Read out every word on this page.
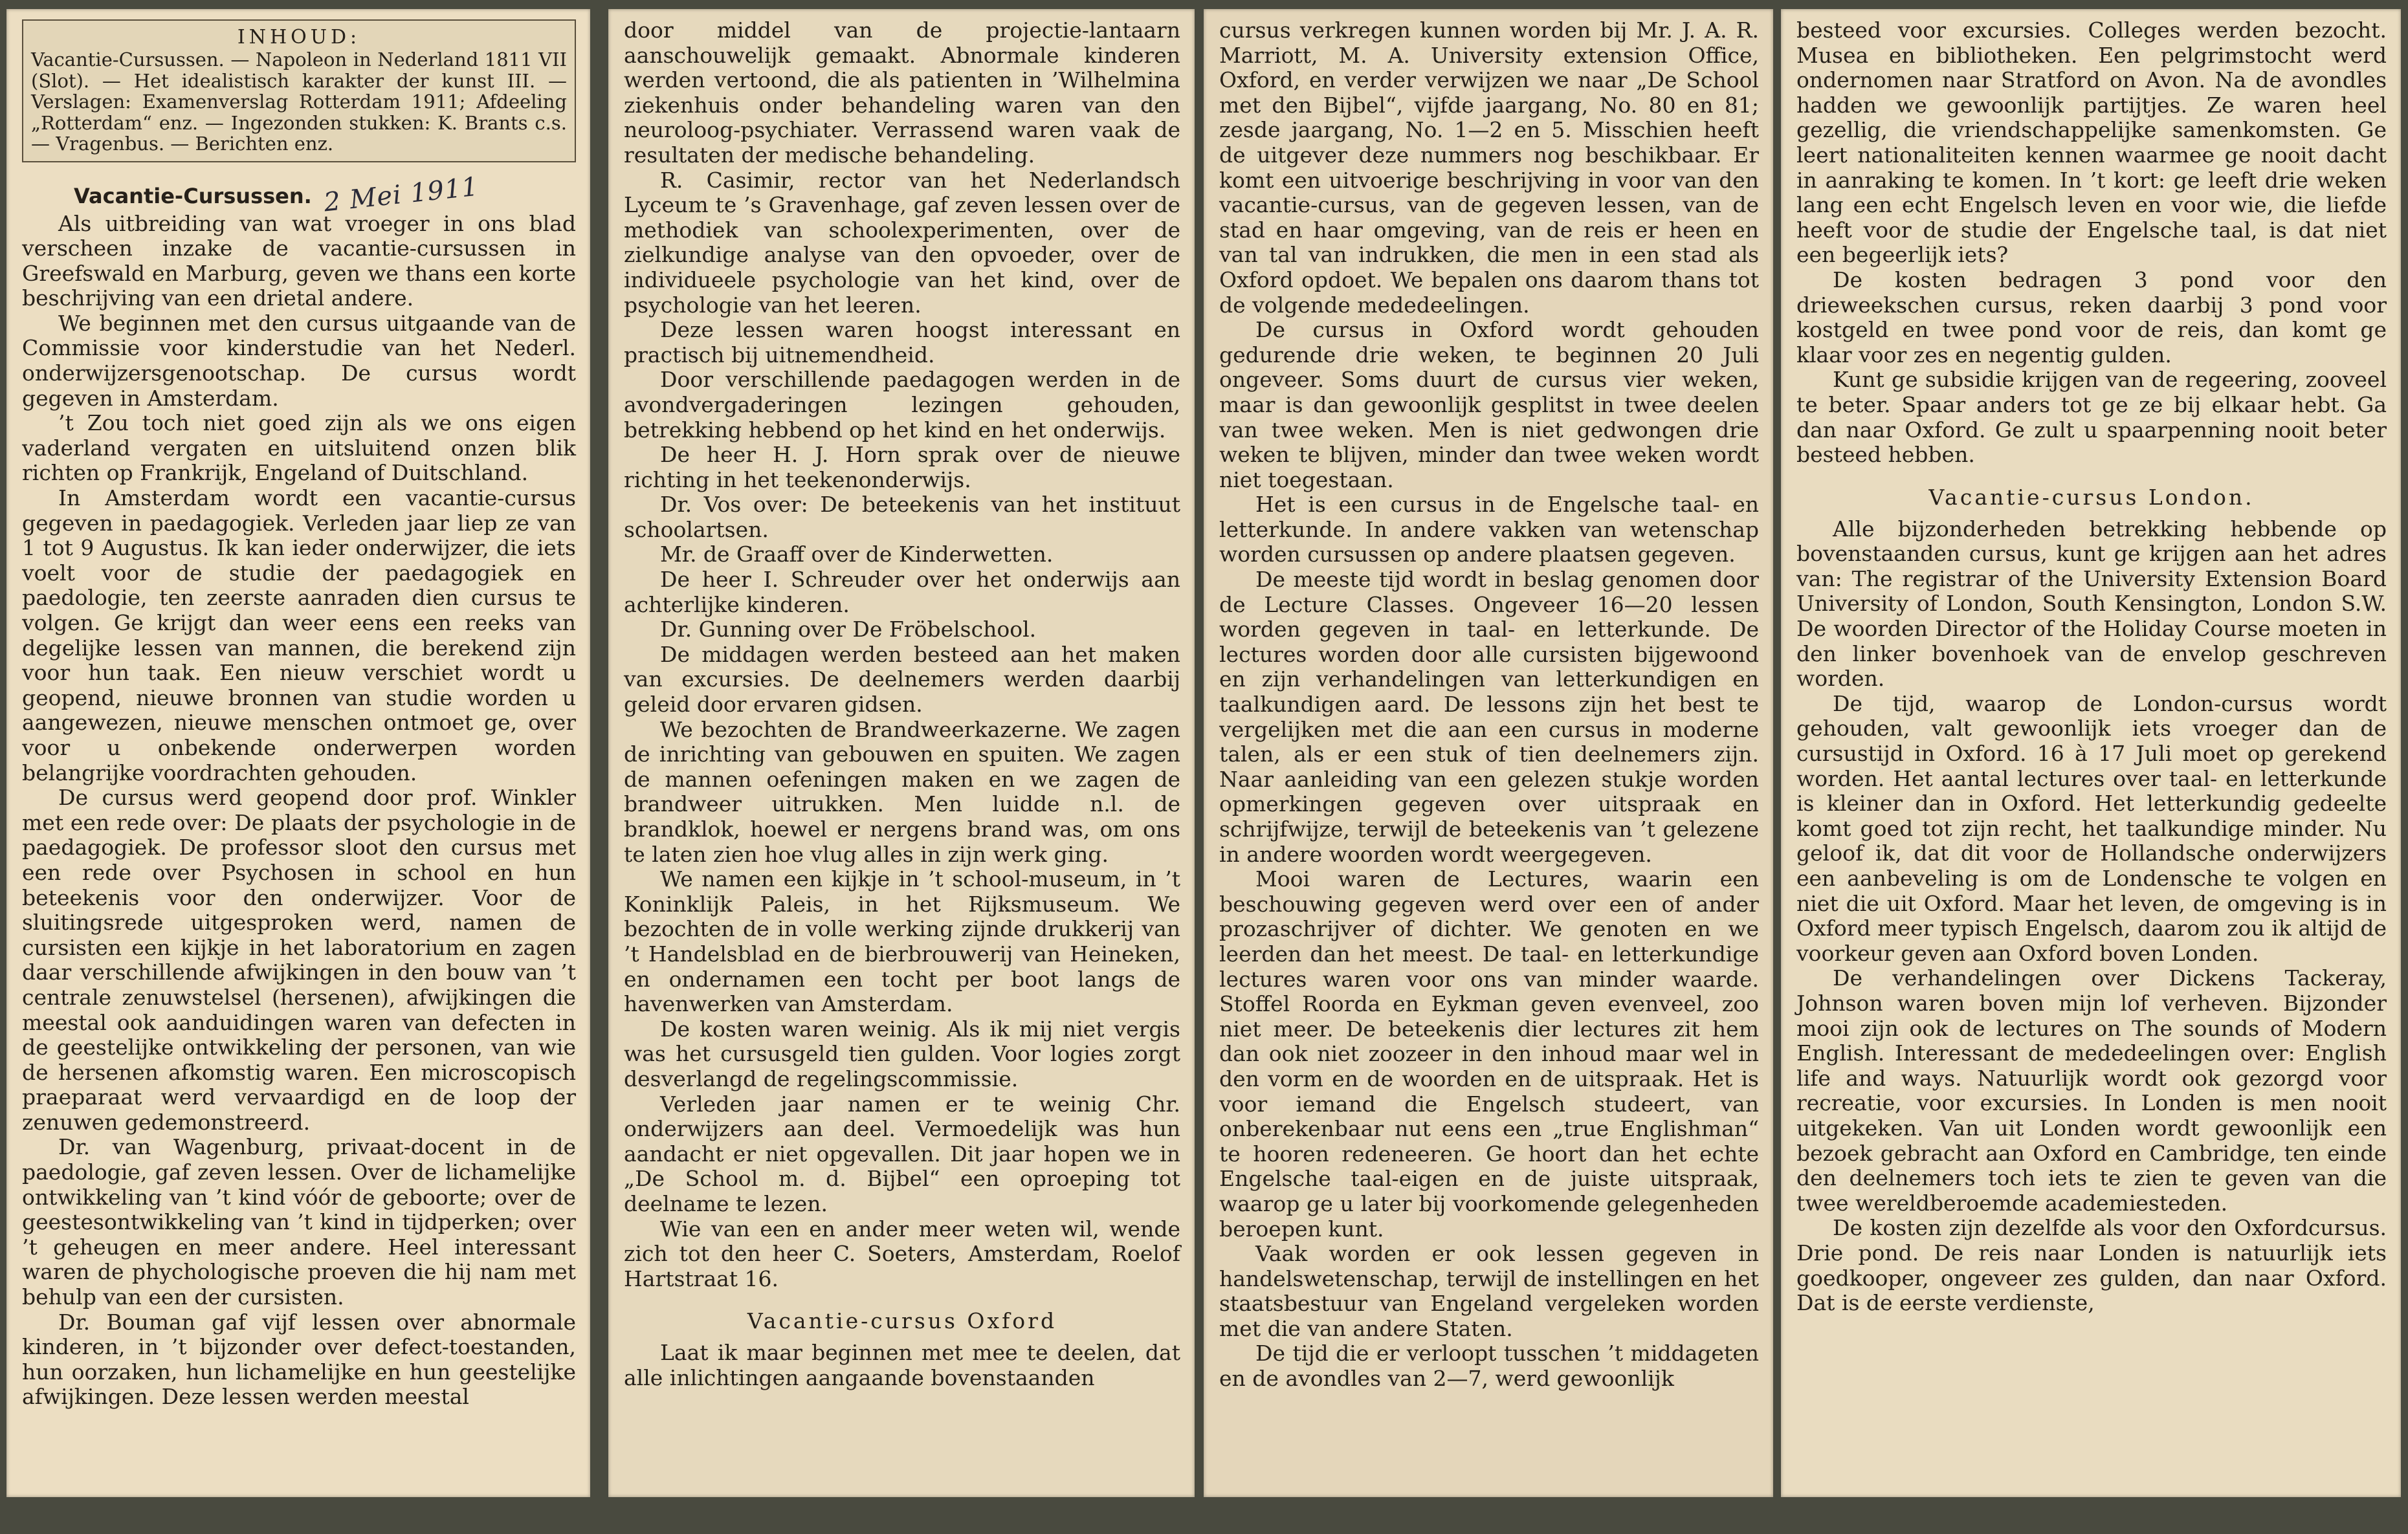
INHOUD:

Vacantie-Cursussen. — Napoleon in Nederland 1811 VII (Slot). — Het idealistisch karakter der kunst III. — Verslagen: Examenverslag Rotterdam 1911; Afdeeling „Rotterdam“ enz. — Ingezonden stukken: K. Brants c.s. — Vragenbus. — Berichten enz.

Vacantie-Cursussen. 2 Mei 1911

Als uitbreiding van wat vroeger in ons blad verscheen inzake de vacantie-cursussen in Greefswald en Marburg, geven we thans een korte beschrijving van een drietal andere.

We beginnen met den cursus uitgaande van de Commissie voor kinderstudie van het Nederl. onderwijzersgenootschap. De cursus wordt gegeven in Amsterdam.

’t Zou toch niet goed zijn als we ons eigen vaderland vergaten en uitsluitend onzen blik richten op Frankrijk, Engeland of Duitschland.

In Amsterdam wordt een vacantie-cursus gegeven in paedagogiek. Verleden jaar liep ze van 1 tot 9 Augustus. Ik kan ieder onderwijzer, die iets voelt voor de studie der paedagogiek en paedologie, ten zeerste aanraden dien cursus te volgen. Ge krijgt dan weer eens een reeks van degelijke lessen van mannen, die berekend zijn voor hun taak. Een nieuw verschiet wordt u geopend, nieuwe bronnen van studie worden u aangewezen, nieuwe menschen ontmoet ge, over voor u onbekende onderwerpen worden belangrijke voordrachten gehouden.

De cursus werd geopend door prof. Winkler met een rede over: De plaats der psychologie in de paedagogiek. De professor sloot den cursus met een rede over Psychosen in school en hun beteekenis voor den onderwijzer. Voor de sluitingsrede uitgesproken werd, namen de cursisten een kijkje in het laboratorium en zagen daar verschillende afwijkingen in den bouw van ’t centrale zenuwstelsel (hersenen), afwijkingen die meestal ook aanduidingen waren van defecten in de geestelijke ontwikkeling der personen, van wie de hersenen afkomstig waren. Een microscopisch praeparaat werd vervaardigd en de loop der zenuwen gedemonstreerd.

Dr. van Wagenburg, privaat-docent in de paedologie, gaf zeven lessen. Over de lichamelijke ontwikkeling van ’t kind vóór de geboorte; over de geestesontwikkeling van ’t kind in tijdperken; over ’t geheugen en meer andere. Heel interessant waren de phychologische proeven die hij nam met behulp van een der cursisten.

Dr. Bouman gaf vijf lessen over abnormale kinderen, in ’t bijzonder over defect-toestanden, hun oorzaken, hun lichamelijke en hun geestelijke afwijkingen. Deze lessen werden meestal

door middel van de projectie-lantaarn aanschouwelijk gemaakt. Abnormale kinderen werden vertoond, die als patienten in ’Wilhelmina ziekenhuis onder behandeling waren van den neuroloog-psychiater. Verrassend waren vaak de resultaten der medische behandeling.

R. Casimir, rector van het Nederlandsch Lyceum te ’s Gravenhage, gaf zeven lessen over de methodiek van schoolexperimenten, over de zielkundige analyse van den opvoeder, over de individueele psychologie van het kind, over de psychologie van het leeren.

Deze lessen waren hoogst interessant en practisch bij uitnemendheid.

Door verschillende paedagogen werden in de avondvergaderingen lezingen gehouden, betrekking hebbend op het kind en het onderwijs.

De heer H. J. Horn sprak over de nieuwe richting in het teekenonderwijs.

Dr. Vos over: De beteekenis van het instituut schoolartsen.

Mr. de Graaff over de Kinderwetten.

De heer I. Schreuder over het onderwijs aan achterlijke kinderen.

Dr. Gunning over De Fröbelschool.

De middagen werden besteed aan het maken van excursies. De deelnemers werden daarbij geleid door ervaren gidsen.

We bezochten de Brandweerkazerne. We zagen de inrichting van gebouwen en spuiten. We zagen de mannen oefeningen maken en we zagen de brandweer uitrukken. Men luidde n.l. de brandklok, hoewel er nergens brand was, om ons te laten zien hoe vlug alles in zijn werk ging.

We namen een kijkje in ’t school-museum, in ’t Koninklijk Paleis, in het Rijksmuseum. We bezochten de in volle werking zijnde drukkerij van ’t Handelsblad en de bierbrouwerij van Heineken, en ondernamen een tocht per boot langs de havenwerken van Amsterdam.

De kosten waren weinig. Als ik mij niet vergis was het cursusgeld tien gulden. Voor logies zorgt desverlangd de regelingscommissie.

Verleden jaar namen er te weinig Chr. onderwijzers aan deel. Vermoedelijk was hun aandacht er niet opgevallen. Dit jaar hopen we in „De School m. d. Bijbel“ een oproeping tot deelname te lezen.

Wie van een en ander meer weten wil, wende zich tot den heer C. Soeters, Amsterdam, Roelof Hartstraat 16.

Vacantie-cursus Oxford

Laat ik maar beginnen met mee te deelen, dat alle inlichtingen aangaande bovenstaanden

cursus verkregen kunnen worden bij Mr. J. A. R. Marriott, M. A. University extension Office, Oxford, en verder verwijzen we naar „De School met den Bijbel“, vijfde jaargang, No. 80 en 81; zesde jaargang, No. 1—2 en 5. Misschien heeft de uitgever deze nummers nog beschikbaar. Er komt een uitvoerige beschrijving in voor van den vacantie-cursus, van de gegeven lessen, van de stad en haar omgeving, van de reis er heen en van tal van indrukken, die men in een stad als Oxford opdoet. We bepalen ons daarom thans tot de volgende mededeelingen.

De cursus in Oxford wordt gehouden gedurende drie weken, te beginnen 20 Juli ongeveer. Soms duurt de cursus vier weken, maar is dan gewoonlijk gesplitst in twee deelen van twee weken. Men is niet gedwongen drie weken te blijven, minder dan twee weken wordt niet toegestaan.

Het is een cursus in de Engelsche taal- en letterkunde. In andere vakken van wetenschap worden cursussen op andere plaatsen gegeven.

De meeste tijd wordt in beslag genomen door de Lecture Classes. Ongeveer 16—20 lessen worden gegeven in taal- en letterkunde. De lectures worden door alle cursisten bijgewoond en zijn verhandelingen van letterkundigen en taalkundigen aard. De lessons zijn het best te vergelijken met die aan een cursus in moderne talen, als er een stuk of tien deelnemers zijn. Naar aanleiding van een gelezen stukje worden opmerkingen gegeven over uitspraak en schrijfwijze, terwijl de beteekenis van ’t gelezene in andere woorden wordt weergegeven.

Mooi waren de Lectures, waarin een beschouwing gegeven werd over een of ander prozaschrijver of dichter. We genoten en we leerden dan het meest. De taal- en letterkundige lectures waren voor ons van minder waarde. Stoffel Roorda en Eykman geven evenveel, zoo niet meer. De beteekenis dier lectures zit hem dan ook niet zoozeer in den inhoud maar wel in den vorm en de woorden en de uitspraak. Het is voor iemand die Engelsch studeert, van onberekenbaar nut eens een „true Englishman“ te hooren redeneeren. Ge hoort dan het echte Engelsche taal-eigen en de juiste uitspraak, waarop ge u later bij voorkomende gelegenheden beroepen kunt.

Vaak worden er ook lessen gegeven in handelswetenschap, terwijl de instellingen en het staatsbestuur van Engeland vergeleken worden met die van andere Staten.

De tijd die er verloopt tusschen ’t middageten en de avondles van 2—7, werd gewoonlijk

besteed voor excursies. Colleges werden bezocht. Musea en bibliotheken. Een pelgrimstocht werd ondernomen naar Stratford on Avon. Na de avondles hadden we gewoonlijk partijtjes. Ze waren heel gezellig, die vriendschappelijke samenkomsten. Ge leert nationaliteiten kennen waarmee ge nooit dacht in aanraking te komen. In ’t kort: ge leeft drie weken lang een echt Engelsch leven en voor wie, die liefde heeft voor de studie der Engelsche taal, is dat niet een begeerlijk iets?

De kosten bedragen 3 pond voor den drieweekschen cursus, reken daarbij 3 pond voor kostgeld en twee pond voor de reis, dan komt ge klaar voor zes en negentig gulden.

Kunt ge subsidie krijgen van de regeering, zooveel te beter. Spaar anders tot ge ze bij elkaar hebt. Ga dan naar Oxford. Ge zult u spaarpenning nooit beter besteed hebben.

Vacantie-cursus London.

Alle bijzonderheden betrekking hebbende op bovenstaanden cursus, kunt ge krijgen aan het adres van: The registrar of the University Extension Board University of London, South Kensington, London S.W. De woorden Director of the Holiday Course moeten in den linker bovenhoek van de envelop geschreven worden.

De tijd, waarop de London-cursus wordt gehouden, valt gewoonlijk iets vroeger dan de cursustijd in Oxford. 16 à 17 Juli moet op gerekend worden. Het aantal lectures over taal- en letterkunde is kleiner dan in Oxford. Het letterkundig gedeelte komt goed tot zijn recht, het taalkundige minder. Nu geloof ik, dat dit voor de Hollandsche onderwijzers een aanbeveling is om de Londensche te volgen en niet die uit Oxford. Maar het leven, de omgeving is in Oxford meer typisch Engelsch, daarom zou ik altijd de voorkeur geven aan Oxford boven Londen.

De verhandelingen over Dickens Tackeray, Johnson waren boven mijn lof verheven. Bijzonder mooi zijn ook de lectures on The sounds of Modern English. Interessant de mededeelingen over: English life and ways. Natuurlijk wordt ook gezorgd voor recreatie, voor excursies. In Londen is men nooit uitgekeken. Van uit Londen wordt gewoonlijk een bezoek gebracht aan Oxford en Cambridge, ten einde den deelnemers toch iets te zien te geven van die twee wereldberoemde academiesteden.

De kosten zijn dezelfde als voor den Oxfordcursus. Drie pond. De reis naar Londen is natuurlijk iets goedkooper, ongeveer zes gulden, dan naar Oxford. Dat is de eerste verdienste,
